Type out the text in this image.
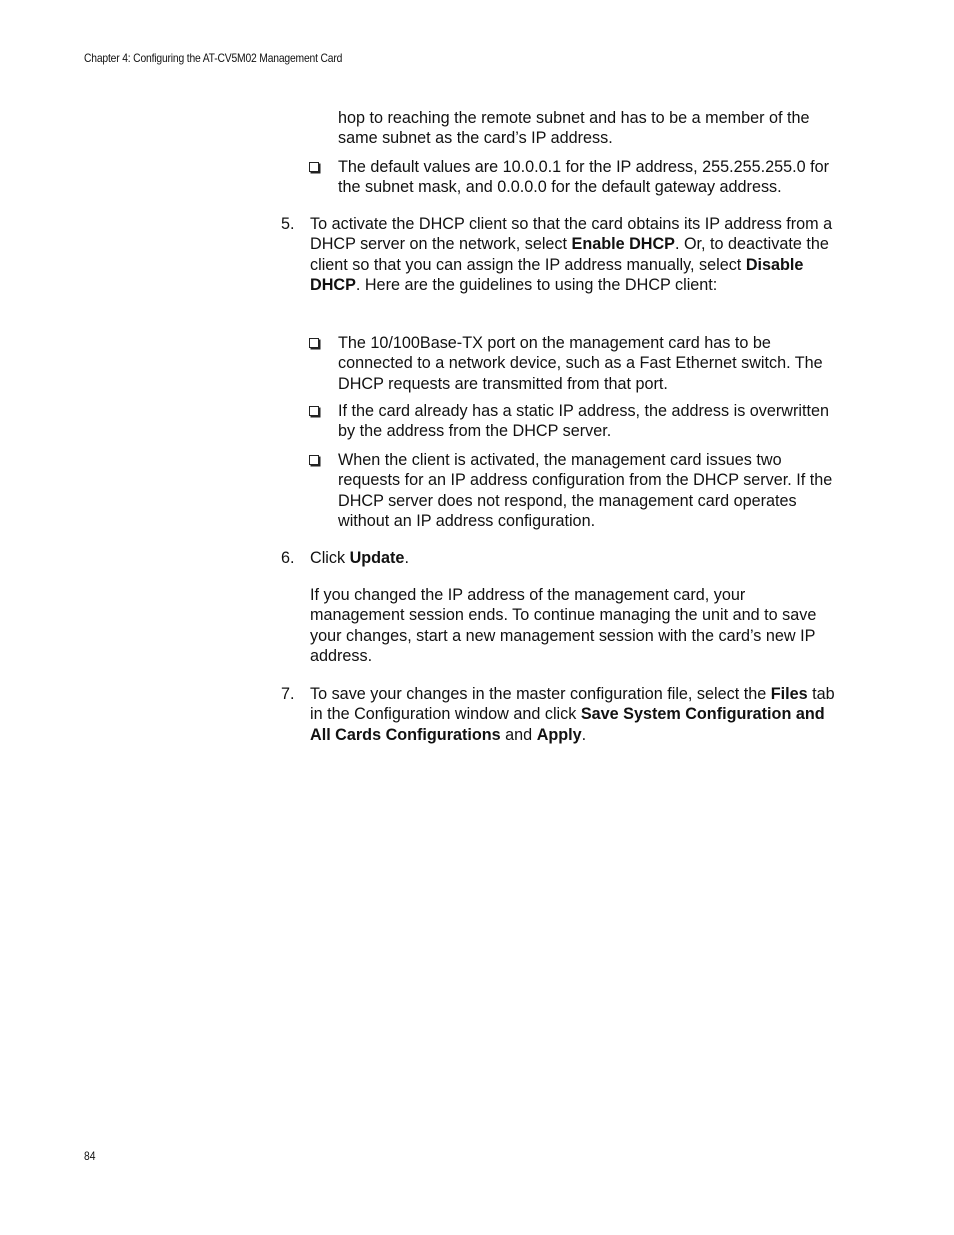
Chapter 4: Configuring the AT-CV5M02 Management Card

hop to reaching the remote subnet and has to be a member of the same subnet as the card’s IP address.

The default values are 10.0.0.1 for the IP address, 255.255.255.0 for the subnet mask, and 0.0.0.0 for the default gateway address.

5. To activate the DHCP client so that the card obtains its IP address from a DHCP server on the network, select Enable DHCP. Or, to deactivate the client so that you can assign the IP address manually, select Disable DHCP. Here are the guidelines to using the DHCP client:

The 10/100Base-TX port on the management card has to be connected to a network device, such as a Fast Ethernet switch. The DHCP requests are transmitted from that port.

If the card already has a static IP address, the address is overwritten by the address from the DHCP server.

When the client is activated, the management card issues two requests for an IP address configuration from the DHCP server. If the DHCP server does not respond, the management card operates without an IP address configuration.

6. Click Update.

If you changed the IP address of the management card, your management session ends. To continue managing the unit and to save your changes, start a new management session with the card’s new IP address.

7. To save your changes in the master configuration file, select the Files tab in the Configuration window and click Save System Configuration and All Cards Configurations and Apply.

84
